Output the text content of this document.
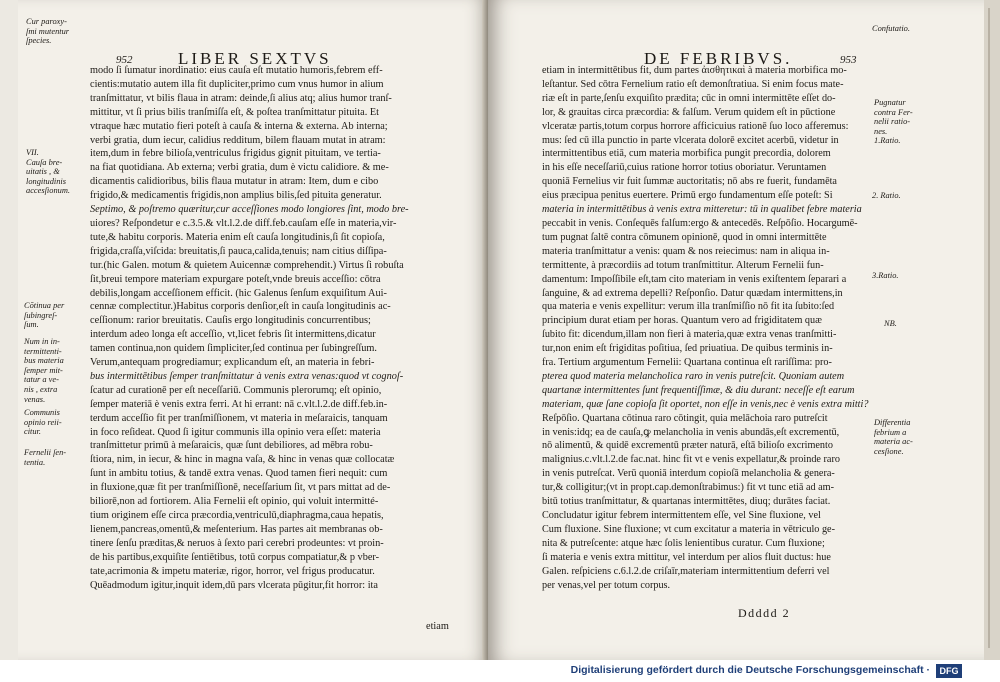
952	LIBER SEXTVS
modo ſi ſumatur inordinatio: eius cauſa eſt mutatio humoris,febrem eff-
cientis:mutatio autem illa fit dupliciter,primo cum vnus humor in alium
tranſmittatur, vt bilis flaua in atram: deinde,ſi alius atq; alius humor tranſ-
mittitur, vt ſi prius bilis tranſmiſſa eſt, & poſtea tranſmittatur pituita. Et
vtraque hæc mutatio fieri poteſt à cauſa & interna & externa. Ab interna;
verbi gratia, dum iecur, calidius redditum, bilem flauam mutat in atram:
item,dum in febre bilioſa,ventriculus frigidus gignit pituitam, ve tertia-
na fiat quotidiana. Ab externa; verbi gratia, dum è victu calidiore. & me-
dicamentis calidioribus, bilis flaua mutatur in atram: Item, dum e cibo
frigido,& medicamentis frigidis,non amplius bilis,ſed pituita generatur.
Septimo, & poſtremo quæritur,cur acceſſiones modo longiores ſint, modo bre-
uiores? Reſpondetur e c.3.5.& vlt.l.2.de diff.feb.cauſam eſſe in materia,vir-
tute,& habitu corporis. Materia enim eſt cauſa longitudinis,ſi ſit copioſa,
frigida,craſſa,viſcida: breuitatis,ſi pauca,calida,tenuis; nam citius diſſipa-
tur.(hic Galen. motum & quietem Auicennæ comprehendit.) Virtus ſi robuſta
ſit,breui tempore materiam expurgare poteſt,vnde breuis acceſſio: cōtra
debilis,longam acceſſionem efficit. (hic Galenus ſenſum exquiſitum Aui-
cennæ complectitur.)Habitus corporis denſior,eſt in cauſa longitudinis ac-
ceſſionum: rarior breuitatis. Cauſis ergo longitudinis concurrentibus;
interdum adeo longa eſt acceſſio, vt,licet febris ſit intermittens,dicatur
tamen continua,non quidem ſimpliciter,ſed continua per ſubingreſſum.
Verum,antequam progrediamur; explicandum eſt, an materia in febri-
bus intermittētibus ſemper tranſmittatur à venis extra venas:quod vt cognoſ-
ſcatur ad curationē per eſt neceſſariū. Communis plerorumq; eſt opinio,
ſemper materiā è venis extra ferri. At hi errant: nā c.vlt.l.2.de diff.feb.in-
terdum acceſſio fit per tranſmiſſionem, vt materia in meſaraicis, tanquam
in foco reſideat. Quod ſi igitur communis illa opinio vera eſſet: materia
tranſmittetur primū à meſaraicis, quæ ſunt debiliores, ad mēbra robu-
ſtiora, nim, in iecur, & hinc in magna vaſa, & hinc in venas quæ collocatæ
ſunt in ambitu totius, & tandē extra venas. Quod tamen fieri nequit: cum
in fluxione,quæ fit per tranſmiſſionē, neceſſarium ſit, vt pars mittat ad de-
biliorē,non ad fortiorem. Alia Fernelii eſt opinio, qui voluit intermitté-
tium originem eſſe circa præcordia,ventriculū,diaphragma,caua hepatis,
lienem,pancreas,omentū,& meſenterium. Has partes ait membranas ob-
tinere ſenſu præditas,& neruos à ſexto pari cerebri prodeuntes: vt proin-
de his partibus,exquiſite ſentiētibus, totū corpus compatiatur,& p vber-
tate,acrimonia & impetu materiæ, rigor, horror, vel frigus producatur.
Quēadmodum igitur,inquit idem,dū pars vlcerata pūgitur,fit horror: ita
Cur paroxy-
ſmi mutentur
ſpecies.
VII.
Cauſa bre-
uitatis , &
longitudinis
accesſionum.
Cōtinua per
ſubingreſ-
ſum.
Num in in-
termittenti-
bus materia
ſemper mit-
tatur a ve-
nis , extra
venas.
Communis
opinio reii-
citur.
Fernelii ſen-
tentia.
etiam
DE FEBRIBVS.	953
etiam in intermittētibus fit, dum partes ἀισθητικαὶ à materia morbifica mo-
leſtantur. Sed cōtra Fernelium ratio eſt demonſtratiua. Si enim focus mate-
riæ eſt in parte,ſenſu exquiſito prædita; cūc in omni intermittēte eſſet do-
lor, & grauitas circa præcordia: & falſum. Verum quidem eſt in pūctione
vlceratæ partis,totum corpus horrore afficicuius rationē ſuo loco afferemus:
mus: ſed cū illa punctio in parte vlcerata dolorē excitet acerbū, videtur in
intermittentibus etiā, cum materia morbifica pungit precordia, dolorem
in his eſſe neceſſariū,cuius ratione horror totius oboriatur. Veruntamen
quoniā Fernelius vir fuit ſummæ auctoritatis; nō abs re fuerit, fundamēta
eius præcipua penitus euertere. Primū ergo fundamentum eſſe poteſt: Si
materia in intermittētibus à venis extra mitteretur: tū in qualibet febre materia
peccabit in venis. Conſequēs falſum:ergo & antecedēs. Reſpōſio. Hocargumē-
tum pugnat ſaltē contra cōmunem opinionē, quod in omni intermittēte
materia tranſmittatur a venis: quam & nos reiecimus: nam in aliqua in-
termittente, à præcordiis ad totum tranſmittitur. Alterum Fernelii fun-
damentum: Impoſſibile eſt,tam cito materiam in venis exiſtentem ſeparari a
ſanguine, & ad extrema depelli? Reſponſio. Datur quædam intermittens,in
qua materia e venis expellitur: verum illa tranſmiſſio nō fit ita ſubito:ſed
principium durat etiam per horas. Quantum vero ad frigiditatem quæ
ſubito fit: dicendum,illam non fieri à materia,quæ extra venas tranſmitti-
tur,non enim eſt frigiditas poſitiua, ſed priuatiua. De quibus terminis in-
fra. Tertium argumentum Fernelii: Quartana continua eſt rariſſima: pro-
pterea quod materia melancholica raro in venis putreſcit. Quoniam autem
quartanæ intermittentes ſunt frequentiſſimæ, & diu durant: neceſſe eſt earum
materiam, quæ ſane copioſa ſit oportet, non eſſe in venis,nec è venis extra mitti?
Reſpōſio. Quartana cōtinua raro cōtingit, quia melāchoia raro putreſcit
in venis:idq; ea de cauſa,ꝙ melancholia in venis abundās,eſt excrementū,
nō alimentū, & quidē excrementū præter naturā, eſtā bilioſo excrimento
malignius.c.vlt.l.2.de fac.nat. hinc fit vt e venis expellatur,& proinde raro
in venis putreſcat. Verū quoniā interdum copioſā melancholia & genera-
tur,& colligitur;(vt in propt.cap.demonſtrabimus:) fit vt tunc etiā ad am-
bitū totius tranſmittatur, & quartanas intermittētes, diuq; durātes faciat.
Concludatur igitur febrem intermittentem eſſe, vel Sine fluxione, vel
Cum fluxione. Sine fluxione; vt cum excitatur a materia in vētriculo ge-
nita & putreſcente: atque hæc ſolis lenientibus curatur. Cum fluxione;
ſi materia e venis extra mittitur, vel interdum per alios fluit ductus: hue
Galen. reſpiciens c.6.l.2.de criſaīr,materiam intermittentium deferri vel
per venas,vel per totum corpus.
Confutatio.
Pugnatur
contra Fer-
nelii ratio-
nes.
1.Ratio.
2. Ratio.
3.Ratio.
NB.
Differentia
febrium a
materia ac-
cesſione.
Ddddd 2
Digitalisierung gefördert durch die Deutsche Forschungsgemeinschaft ·	DFG
